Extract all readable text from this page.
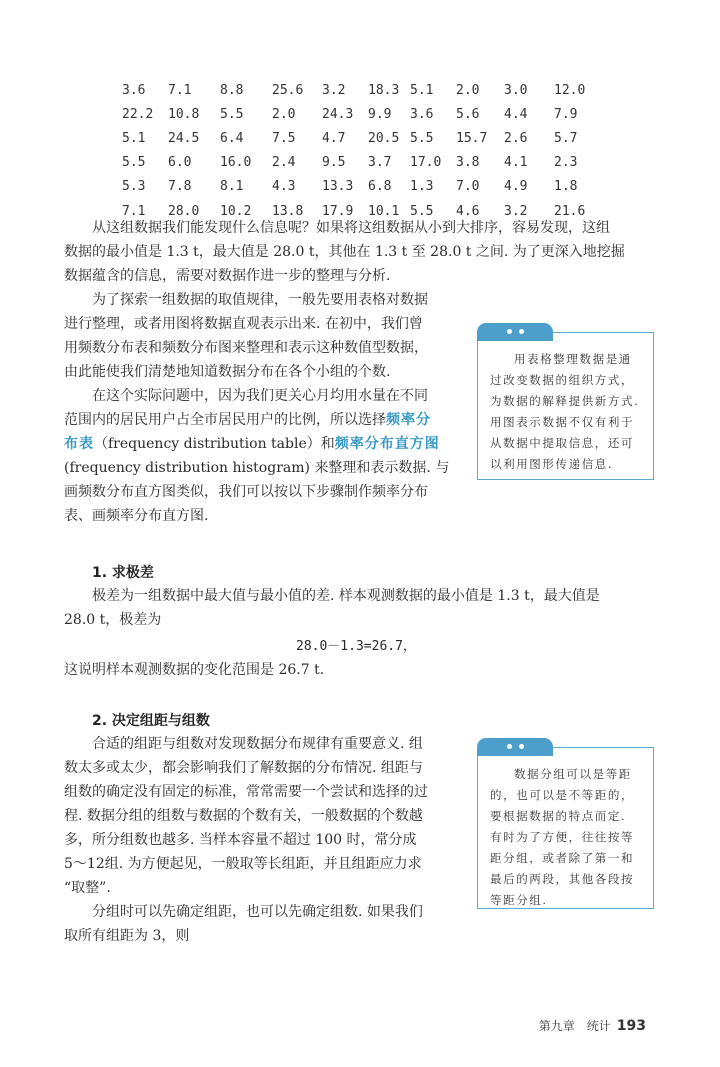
3.6	7.1	8.8	25.6	3.2	18.3	5.1	2.0	3.0	12.0
22.2	10.8	5.5	2.0	24.3	9.9	3.6	5.6	4.4	7.9
5.1	24.5	6.4	7.5	4.7	20.5	5.5	15.7	2.6	5.7
5.5	6.0	16.0	2.4	9.5	3.7	17.0	3.8	4.1	2.3
5.3	7.8	8.1	4.3	13.3	6.8	1.3	7.0	4.9	1.8
7.1	28.0	10.2	13.8	17.9	10.1	5.5	4.6	3.2	21.6
从这组数据我们能发现什么信息呢？如果将这组数据从小到大排序，容易发现，这组
数据的最小值是 1.3 t，最大值是 28.0 t，其他在 1.3 t 至 28.0 t 之间. 为了更深入地挖掘
数据蕴含的信息，需要对数据作进一步的整理与分析.
为了探索一组数据的取值规律，一般先要用表格对数据
进行整理，或者用图将数据直观表示出来. 在初中，我们曾
用频数分布表和频数分布图来整理和表示这种数值型数据，
由此能使我们清楚地知道数据分布在各个小组的个数.
在这个实际问题中，因为我们更关心月均用水量在不同
范围内的居民用户占全市居民用户的比例，所以选择频率分
布表（frequency distribution table）和频率分布直方图
(frequency distribution histogram) 来整理和表示数据. 与
画频数分布直方图类似，我们可以按以下步骤制作频率分布
表、画频率分布直方图.
用表格整理数据是通
过改变数据的组织方式，
为数据的解释提供新方式.
用图表示数据不仅有利于
从数据中提取信息，还可
以利用图形传递信息.
1. 求极差
极差为一组数据中最大值与最小值的差. 样本观测数据的最小值是 1.3 t，最大值是
28.0 t，极差为
28.0－1.3=26.7，
这说明样本观测数据的变化范围是 26.7 t.
2. 决定组距与组数
合适的组距与组数对发现数据分布规律有重要意义. 组
数太多或太少，都会影响我们了解数据的分布情况. 组距与
组数的确定没有固定的标准，常常需要一个尝试和选择的过
程. 数据分组的组数与数据的个数有关，一般数据的个数越
多，所分组数也越多. 当样本容量不超过 100 时，常分成
5～12组. 为方便起见，一般取等长组距，并且组距应力求
“取整”.
分组时可以先确定组距，也可以先确定组数. 如果我们
取所有组距为 3，则
数据分组可以是等距
的，也可以是不等距的，
要根据数据的特点而定.
有时为了方便，往往按等
距分组，或者除了第一和
最后的两段，其他各段按
等距分组.
第九章　统计 193
